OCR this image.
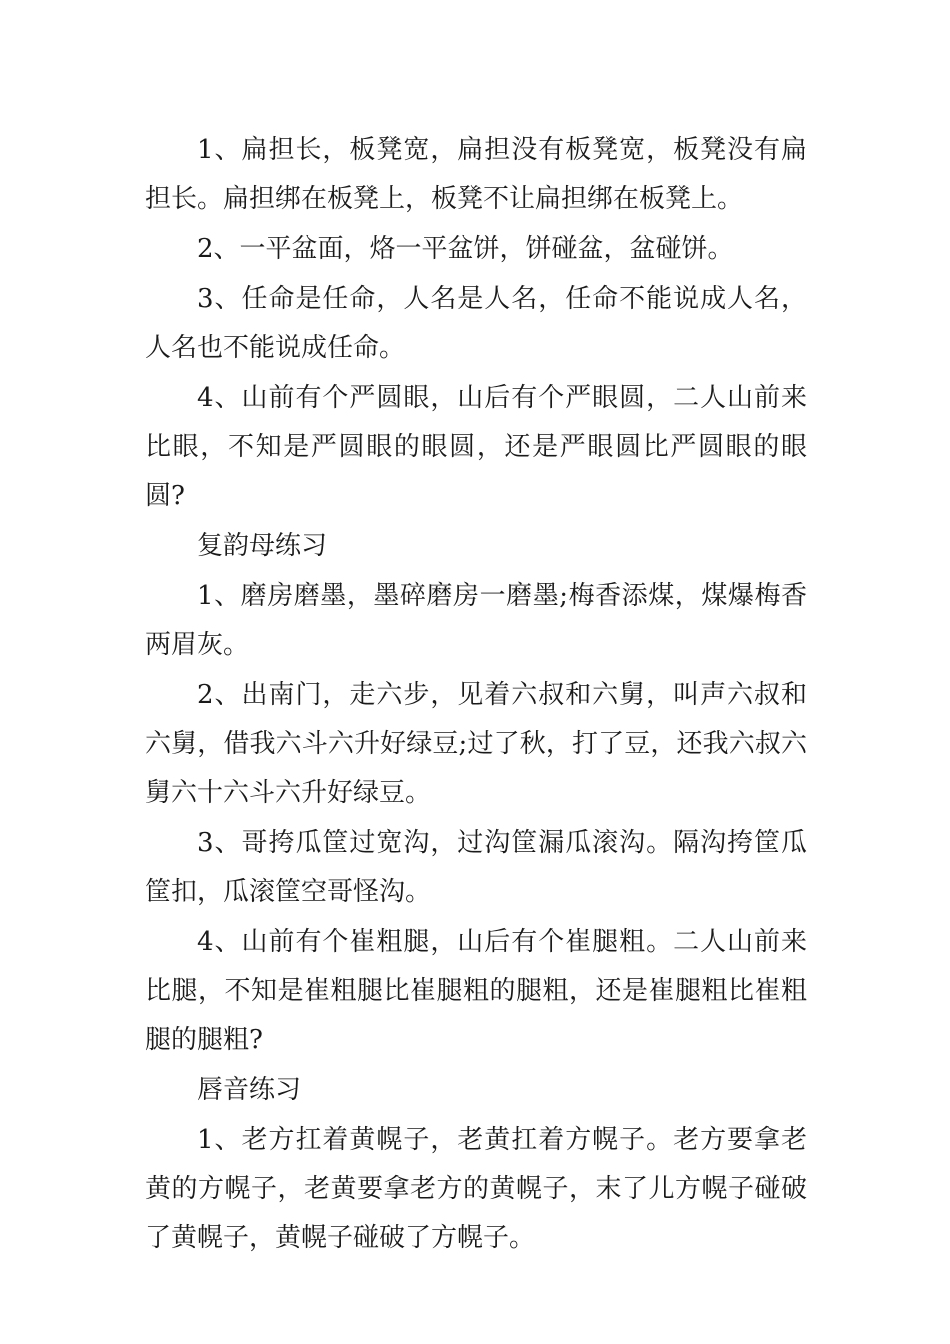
1、扁担长，板凳宽，扁担没有板凳宽，板凳没有扁担长。扁担绑在板凳上，板凳不让扁担绑在板凳上。

2、一平盆面，烙一平盆饼，饼碰盆，盆碰饼。

3、任命是任命，人名是人名，任命不能说成人名，人名也不能说成任命。

4、山前有个严圆眼，山后有个严眼圆，二人山前来比眼，不知是严圆眼的眼圆，还是严眼圆比严圆眼的眼圆?

复韵母练习

1、磨房磨墨，墨碎磨房一磨墨;梅香添煤，煤爆梅香两眉灰。

2、出南门，走六步，见着六叔和六舅，叫声六叔和六舅，借我六斗六升好绿豆;过了秋，打了豆，还我六叔六舅六十六斗六升好绿豆。

3、哥挎瓜筐过宽沟，过沟筐漏瓜滚沟。隔沟挎筐瓜筐扣，瓜滚筐空哥怪沟。

4、山前有个崔粗腿，山后有个崔腿粗。二人山前来比腿，不知是崔粗腿比崔腿粗的腿粗，还是崔腿粗比崔粗腿的腿粗?

唇音练习

1、老方扛着黄幌子，老黄扛着方幌子。老方要拿老黄的方幌子，老黄要拿老方的黄幌子，末了儿方幌子碰破了黄幌子，黄幌子碰破了方幌子。
